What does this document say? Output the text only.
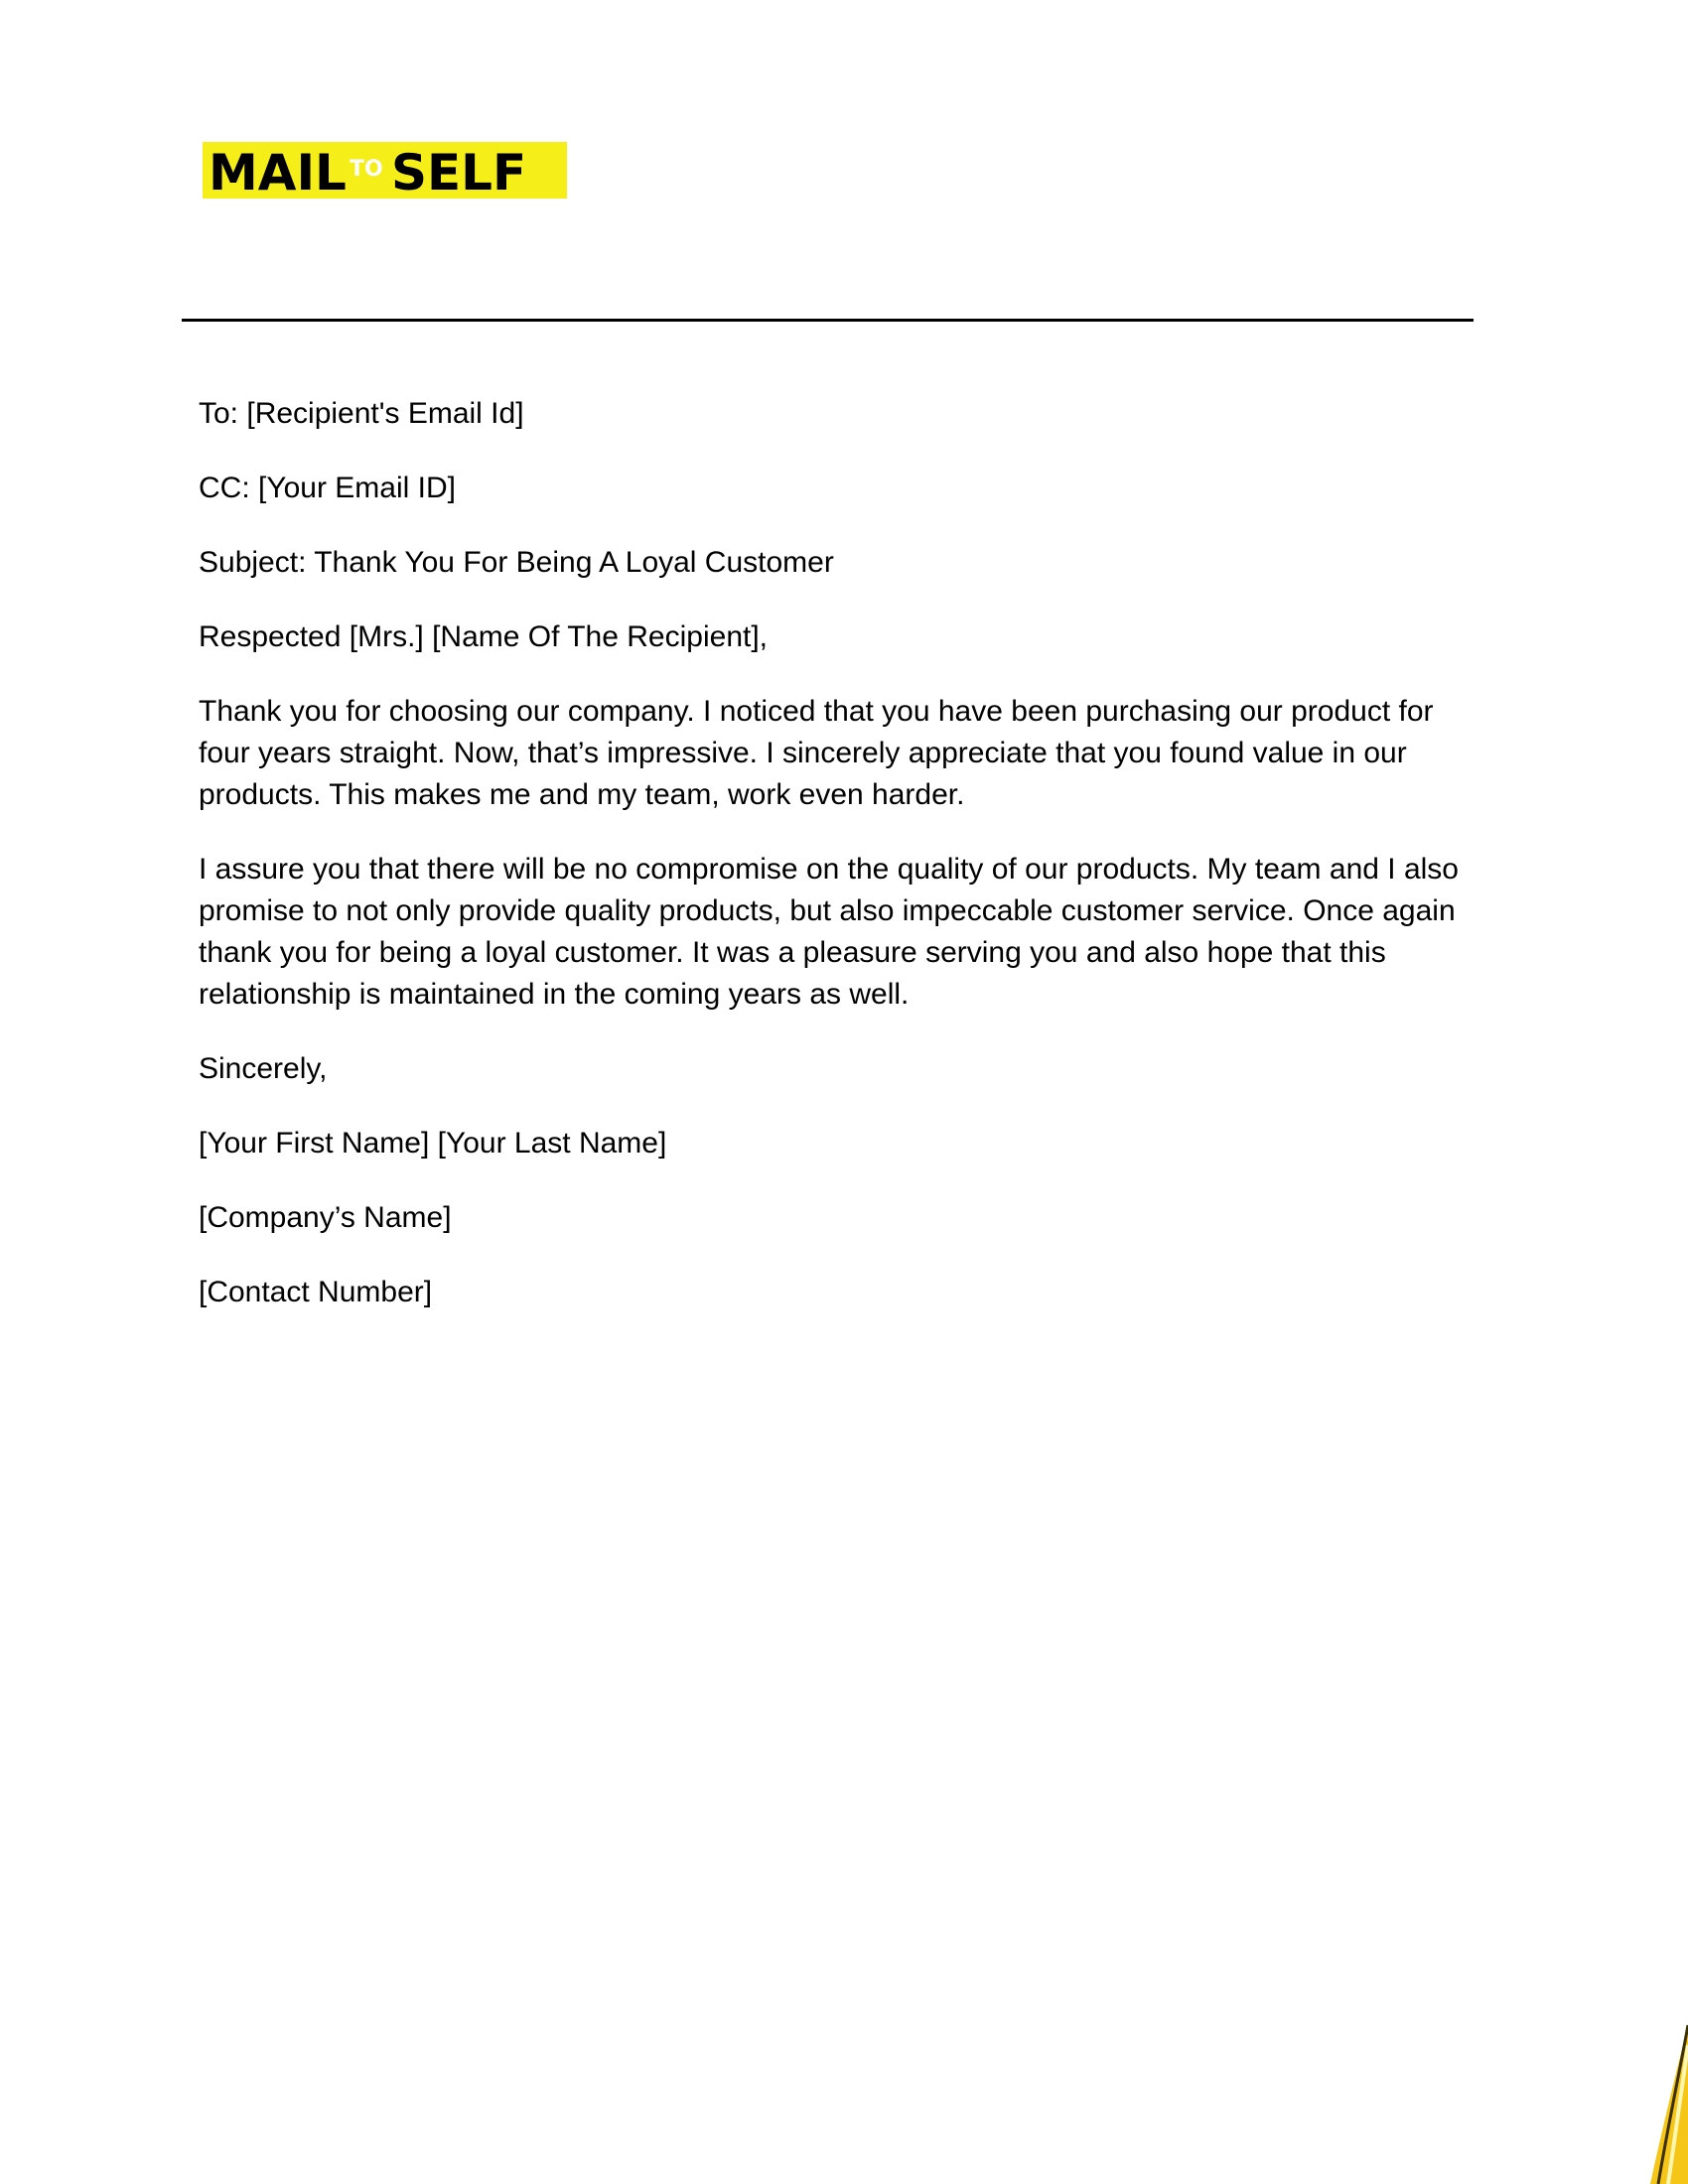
MAIL TO SELF

To: [Recipient's Email Id]

CC: [Your Email ID]

Subject: Thank You For Being A Loyal Customer

Respected [Mrs.] [Name Of The Recipient],

Thank you for choosing our company. I noticed that you have been purchasing our product for four years straight. Now, that’s impressive. I sincerely appreciate that you found value in our products. This makes me and my team, work even harder.

I assure you that there will be no compromise on the quality of our products. My team and I also promise to not only provide quality products, but also impeccable customer service. Once again thank you for being a loyal customer. It was a pleasure serving you and also hope that this relationship is maintained in the coming years as well.

Sincerely,

[Your First Name] [Your Last Name]

[Company’s Name]

[Contact Number]
